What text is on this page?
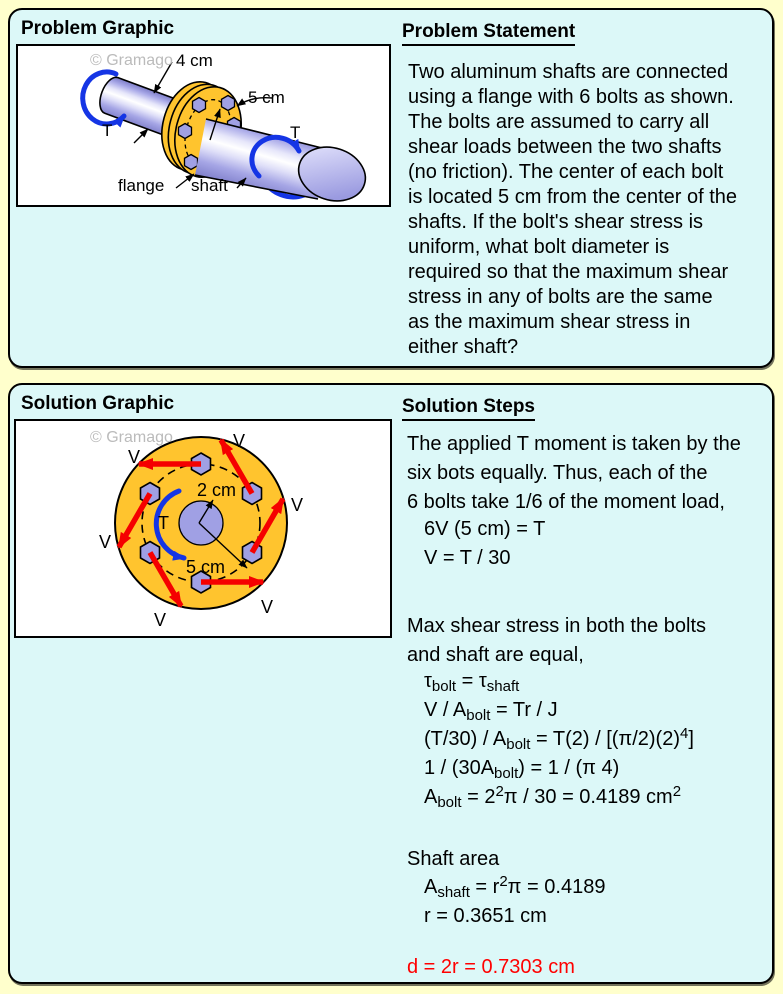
Problem Graphic
© Gramago 4 cm
5 cm
T	T
flange shaft
Problem Statement
Two aluminum shafts are connected
using a flange with 6 bolts as shown.
The bolts are assumed to carry all
shear loads between the two shafts
(no friction). The center of each bolt
is located 5 cm from the center of the
shafts. If the bolt's shear stress is
uniform, what bolt diameter is
required so that the maximum shear
stress in any of bolts are the same
as the maximum shear stress in
either shaft?
Solution Graphic
© Gramago
2 cm
5 cm
T
V
V
V
V
V
V
Solution Steps
The applied T moment is taken by the
six bots equally. Thus, each of the
6 bolts take 1/6 of the moment load,
6V (5 cm) = T
V = T / 30
Max shear stress in both the bolts
and shaft are equal,
$\tau_{bolt} = \tau_{shaft}$
$V / A_{bolt} = Tr / J$
$(T/30) / A_{bolt} = T(2) / [(\pi/2)(2)^4]$
$1 / (30A_{bolt}) = 1 / (\pi$ 4)
$A_{bolt} = 2^2\pi / 30 = 0.4189$ $cm^2$
Shaft area
$A_{shaft} = r^2\pi = 0.4189$
r = 0.3651 cm
d = 2r = 0.7303 cm
